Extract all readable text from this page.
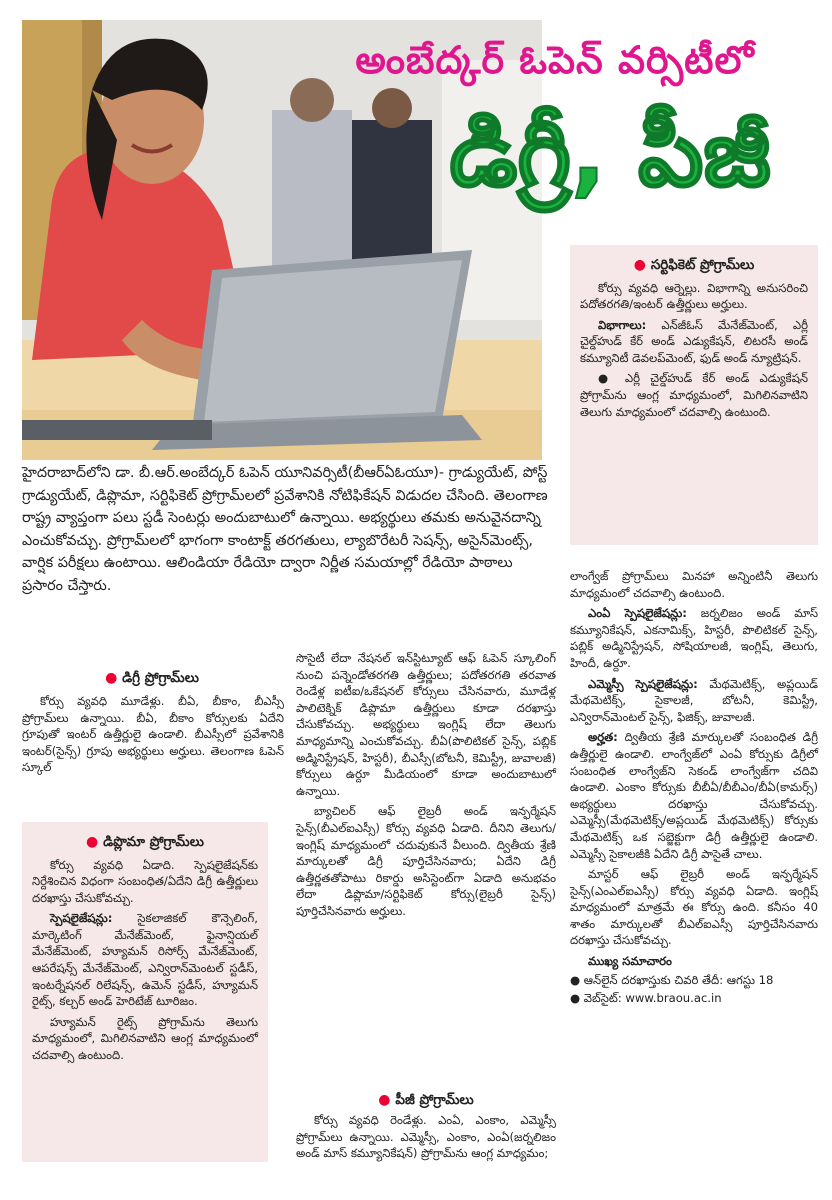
అంబేద్కర్ ఓపెన్ వర్సిటీలో
డిగ్రీ, పీజీ
● సర్టిఫికెట్ ప్రోగ్రామ్‌లు

కోర్సు వ్యవధి ఆర్నెల్లు. విభాగాన్ని అనుసరించి పదోతరగతి/ఇంటర్ ఉత్తీర్ణులు అర్హులు.

విభాగాలు: ఎన్‌జీఓస్ మేనేజ్‌మెంట్, ఎర్లీ చైల్డ్‌హుడ్ కేర్ అండ్ ఎడ్యుకేషన్, లిటరసీ అండ్ కమ్యూనిటీ డెవలప్‌మెంట్, ఫుడ్ అండ్ న్యూట్రిషన్.

● ఎర్లీ చైల్డ్‌హుడ్ కేర్ అండ్ ఎడ్యుకేషన్ ప్రోగ్రామ్‌ను ఆంగ్ల మాధ్యమంలో, మిగిలినవాటిని తెలుగు మాధ్యమంలో చదవాల్సి ఉంటుంది.

హైదరాబాద్‌లోని డా. బీ.ఆర్.అంబేద్కర్ ఓపెన్ యూనివర్సిటీ(బీఆర్ఏఓయూ)- గ్రాడ్యుయేట్, పోస్ట్ గ్రాడ్యుయేట్, డిప్లొమా, సర్టిఫికెట్ ప్రోగ్రామ్‌లలో ప్రవేశానికి నోటిఫికేషన్ విడుదల చేసింది. తెలంగాణ రాష్ట్ర వ్యాప్తంగా పలు స్టడీ సెంటర్లు అందుబాటులో ఉన్నాయి. అభ్యర్థులు తమకు అనువైనదాన్ని ఎంచుకోవచ్చు. ప్రోగ్రామ్‌లలో భాగంగా కాంటాక్ట్ తరగతులు, ల్యాబొరేటరీ సెషన్స్, అసైన్‌మెంట్స్, వార్షిక పరీక్షలు ఉంటాయి. ఆలిండియా రేడియో ద్వారా నిర్ణీత సమయాల్లో రేడియో పాఠాలు ప్రసారం చేస్తారు.
● డిగ్రీ ప్రోగ్రామ్‌లు

కోర్సు వ్యవధి మూడేళ్లు. బీఏ, బీకాం, బీఎస్సీ ప్రోగ్రామ్‌లు ఉన్నాయి. బీఏ, బీకాం కోర్సులకు ఏదేని గ్రూపుతో ఇంటర్ ఉత్తీర్ణులై ఉండాలి. బీఎస్సీలో ప్రవేశానికి ఇంటర్(సైన్స్) గ్రూపు అభ్యర్థులు అర్హులు. తెలంగాణ ఓపెన్ స్కూల్

● డిప్లొమా ప్రోగ్రామ్‌లు

కోర్సు వ్యవధి ఏడాది. స్పెషలైజేషన్‌కు నిర్దేశించిన విధంగా సంబంధిత/ఏదేని డిగ్రీ ఉత్తీర్ణులు దరఖాస్తు చేసుకోవచ్చు.

స్పెషలైజేషన్లు: సైకలాజికల్ కౌన్సెలింగ్, మార్కెటింగ్ మేనేజ్‌మెంట్, ఫైనాన్షియల్ మేనేజ్‌మెంట్, హ్యూమన్ రిసోర్స్ మేనేజ్‌మెంట్, ఆపరేషన్స్ మేనేజ్‌మెంట్, ఎన్విరాన్‌మెంటల్ స్టడీస్, ఇంటర్నేషనల్ రిలేషన్స్, ఉమెన్ స్టడీస్, హ్యూమన్ రైట్స్, కల్చర్ అండ్ హెరిటేజ్ టూరిజం.

హ్యూమన్ రైట్స్ ప్రోగ్రామ్‌ను తెలుగు మాధ్యమంలో, మిగిలినవాటిని ఆంగ్ల మాధ్యమంలో చదవాల్సి ఉంటుంది.

సొసైటీ లేదా నేషనల్ ఇన్‌స్టిట్యూట్ ఆఫ్ ఓపెన్ స్కూలింగ్ నుంచి పన్నెండోతరగతి ఉత్తీర్ణులు; పదోతరగతి తరవాత రెండేళ్ల ఐటీఐ/ఒకేషనల్ కోర్సులు చేసినవారు, మూడేళ్ల పాలిటెక్నిక్ డిప్లొమా ఉత్తీర్ణులు కూడా దరఖాస్తు చేసుకోవచ్చు. అభ్యర్థులు ఇంగ్లిష్ లేదా తెలుగు మాధ్యమాన్ని ఎంచుకోవచ్చు. బీఏ(పొలిటికల్ సైన్స్, పబ్లిక్ అడ్మినిస్ట్రేషన్, హిస్టరీ), బీఎస్సీ(బోటనీ, కెమిస్ట్రీ, జువాలజీ) కోర్సులు ఉర్దూ మీడియంలో కూడా అందుబాటులో ఉన్నాయి.

బ్యాచిలర్ ఆఫ్ లైబ్రరీ అండ్ ఇన్ఫర్మేషన్ సైన్స్(బీఎల్ఐఎస్సీ) కోర్సు వ్యవధి ఏడాది. దీనిని తెలుగు/ఇంగ్లిష్ మాధ్యమంలో చదువుకునే వీలుంది. ద్వితీయ శ్రేణి మార్కులతో డిగ్రీ పూర్తిచేసినవారు; ఏదేని డిగ్రీ ఉత్తీర్ణతతోపాటు రికార్డు అసిస్టెంట్‌గా ఏడాది అనుభవం లేదా డిప్లొమా/సర్టిఫికెట్ కోర్సు(లైబ్రరీ సైన్స్) పూర్తిచేసినవారు అర్హులు.

● పీజీ ప్రోగ్రామ్‌లు

కోర్సు వ్యవధి రెండేళ్లు. ఎంఏ, ఎంకాం, ఎమ్మెస్సీ ప్రోగ్రామ్‌లు ఉన్నాయి. ఎమ్మెస్సీ, ఎంకాం, ఎంఏ(జర్నలిజం అండ్ మాస్ కమ్యూనికేషన్) ప్రోగ్రామ్‌ను ఆంగ్ల మాధ్యమం;

లాంగ్వేజ్ ప్రోగ్రామ్‌లు మినహా అన్నింటినీ తెలుగు మాధ్యమంలో చదవాల్సి ఉంటుంది.

ఎంఏ స్పెషలైజేషన్లు: జర్నలిజం అండ్ మాస్ కమ్యూనికేషన్, ఎకనామిక్స్, హిస్టరీ, పొలిటికల్ సైన్స్, పబ్లిక్ అడ్మినిస్ట్రేషన్, సోషియాలజీ, ఇంగ్లిష్, తెలుగు, హిందీ, ఉర్దూ.

ఎమ్మెస్సీ స్పెషలైజేషన్లు: మేథమెటిక్స్, అప్లయిడ్ మేథమెటిక్స్, సైకాలజీ, బోటనీ, కెమిస్ట్రీ, ఎన్విరాన్‌మెంటల్ సైన్స్, ఫిజిక్స్, జువాలజీ.

అర్హత: ద్వితీయ శ్రేణి మార్కులతో సంబంధిత డిగ్రీ ఉత్తీర్ణులై ఉండాలి. లాంగ్వేజ్‌లో ఎంఏ కోర్సుకు డిగ్రీలో సంబంధిత లాంగ్వేజ్‌ని సెకండ్ లాంగ్వేజ్‌గా చదివి ఉండాలి. ఎంకాం కోర్సుకు బీబీఏ/బీబీఎం/బీఏ(కామర్స్) అభ్యర్థులు దరఖాస్తు చేసుకోవచ్చు. ఎమ్మెస్సీ(మేథమెటిక్స్/అప్లయిడ్ మేథమెటిక్స్) కోర్సుకు మేథమెటిక్స్ ఒక సబ్జెక్టుగా డిగ్రీ ఉత్తీర్ణులై ఉండాలి. ఎమ్మెస్సీ సైకాలజీకి ఏదేని డిగ్రీ పాసైతే చాలు.

మాస్టర్ ఆఫ్ లైబ్రరీ అండ్ ఇన్ఫర్మేషన్ సైన్స్(ఎంఎల్ఐఎస్సీ) కోర్సు వ్యవధి ఏడాది. ఇంగ్లిష్ మాధ్యమంలో మాత్రమే ఈ కోర్సు ఉంది. కనీసం 40 శాతం మార్కులతో బీఎల్ఐఎస్సీ పూర్తిచేసినవారు దరఖాస్తు చేసుకోవచ్చు.

ముఖ్య సమాచారం
● ఆన్‌లైన్ దరఖాస్తుకు చివరి తేదీ: ఆగస్టు 18
● వెబ్‌సైట్: www.braou.ac.in
